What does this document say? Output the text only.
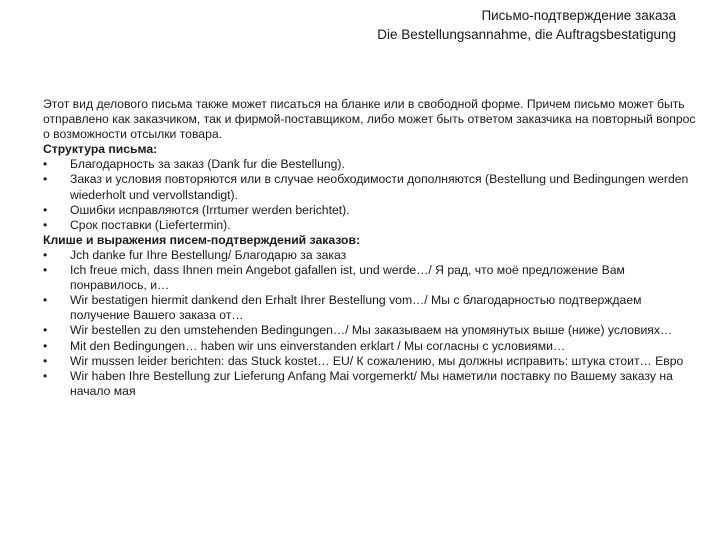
Письмо-подтверждение заказа
Die Bestellungsannahme, die Auftragsbestatigung

Этот вид делового письма также может писаться на бланке или в свободной форме. Причем письмо может быть отправлено как заказчиком, так и фирмой-поставщиком, либо может быть ответом заказчика на повторный вопрос о возможности отсылки товара.

Структура письма:

• Благодарность за заказ (Dank fur die Bestellung).
• Заказ и условия повторяются или в случае необходимости дополняются (Bestellung und Bedingungen werden wiederholt und vervollstandigt).
• Ошибки исправляются (Irrtumer werden berichtet).
• Срок поставки (Liefertermin).

Клише и выражения писем-подтверждений заказов:

• Jch danke fur Ihre Bestellung/ Благодарю за заказ
• Ich freue mich, dass Ihnen mein Angebot gafallen ist, und werde…/ Я рад, что моё предложение Вам понравилось, и…
• Wir bestatigen hiermit dankend den Erhalt Ihrer Bestellung vom…/ Мы с благодарностью подтверждаем получение Вашего заказа от…
• Wir bestellen zu den umstehenden Bedingungen…/ Мы заказываем на упомянутых выше (ниже) условиях…
• Mit den Bedingungen… haben wir uns einverstanden erklart / Мы согласны с условиями…
• Wir mussen leider berichten: das Stuck kostet… EU/ К сожалению, мы должны исправить: штука стоит… Евро
• Wir haben Ihre Bestellung zur Lieferung Anfang Mai vorgemerkt/ Мы наметили поставку по Вашему заказу на начало мая
